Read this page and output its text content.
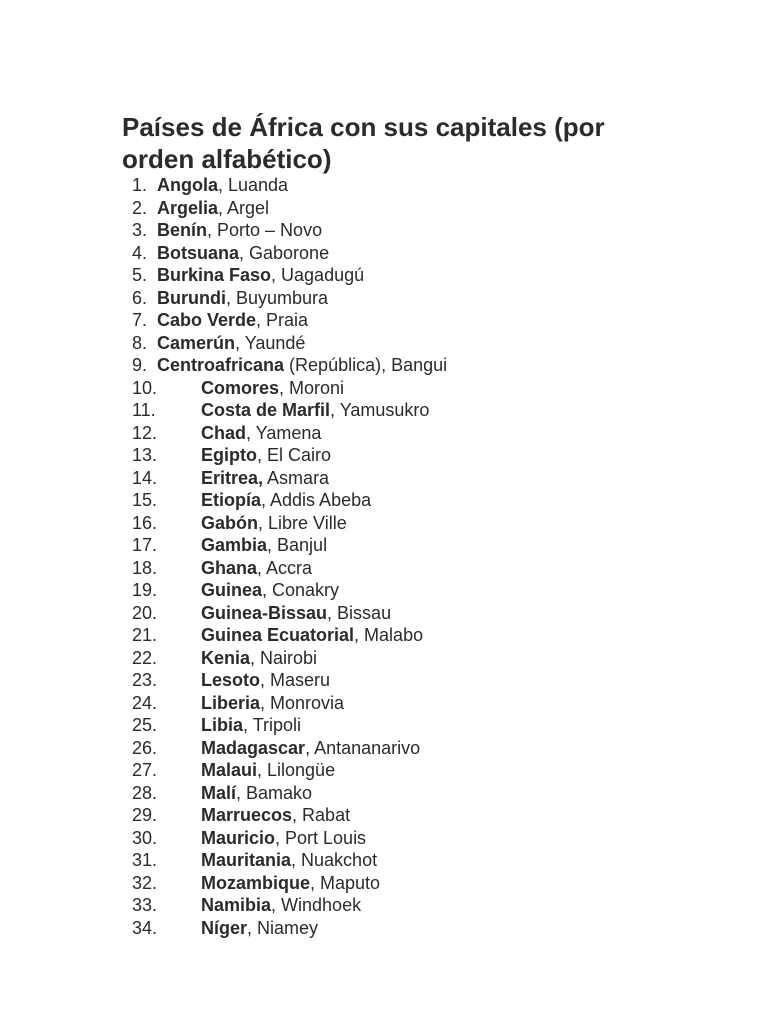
Países de África con sus capitales (por orden alfabético)
1. Angola, Luanda
2. Argelia, Argel
3. Benín, Porto – Novo
4. Botsuana, Gaborone
5. Burkina Faso, Uagadugú
6. Burundi, Buyumbura
7. Cabo Verde, Praia
8. Camerún, Yaundé
9. Centroafricana (República), Bangui
10. Comores, Moroni
11.	Costa de Marfil, Yamusukro
12. Chad, Yamena
13. Egipto, El Cairo
14. Eritrea, Asmara
15. Etiopía, Addis Abeba
16. Gabón, Libre Ville
17. Gambia, Banjul
18. Ghana, Accra
19. Guinea, Conakry
20. Guinea-Bissau, Bissau
21. Guinea Ecuatorial, Malabo
22. Kenia, Nairobi
23. Lesoto, Maseru
24. Liberia, Monrovia
25. Libia, Tripoli
26. Madagascar, Antananarivo
27. Malaui, Lilongüe
28. Malí, Bamako
29. Marruecos, Rabat
30. Mauricio, Port Louis
31. Mauritania, Nuakchot
32. Mozambique, Maputo
33. Namibia, Windhoek
34. Níger, Niamey
